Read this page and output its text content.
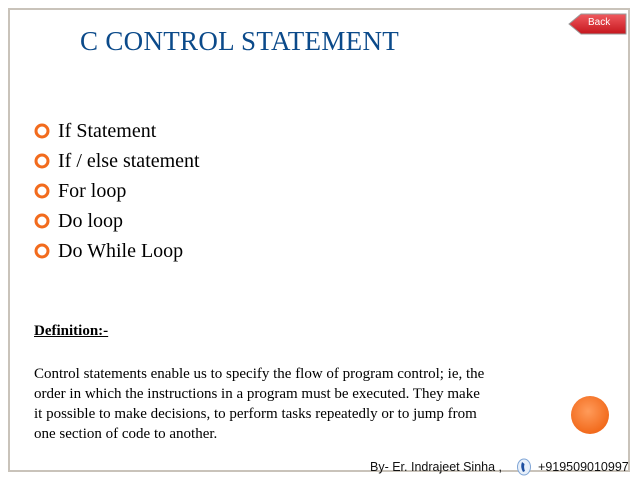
Back
C CONTROL STATEMENT
If Statement
If / else statement
For loop
Do loop
Do While Loop
Definition:-
Control statements enable us to specify the flow of program control; ie, the
order in which the instructions in a program must be executed. They make
it possible to make decisions, to perform tasks repeatedly or to jump from
one section of code to another.
By- Er. Indrajeet Sinha ,	+919509010997
